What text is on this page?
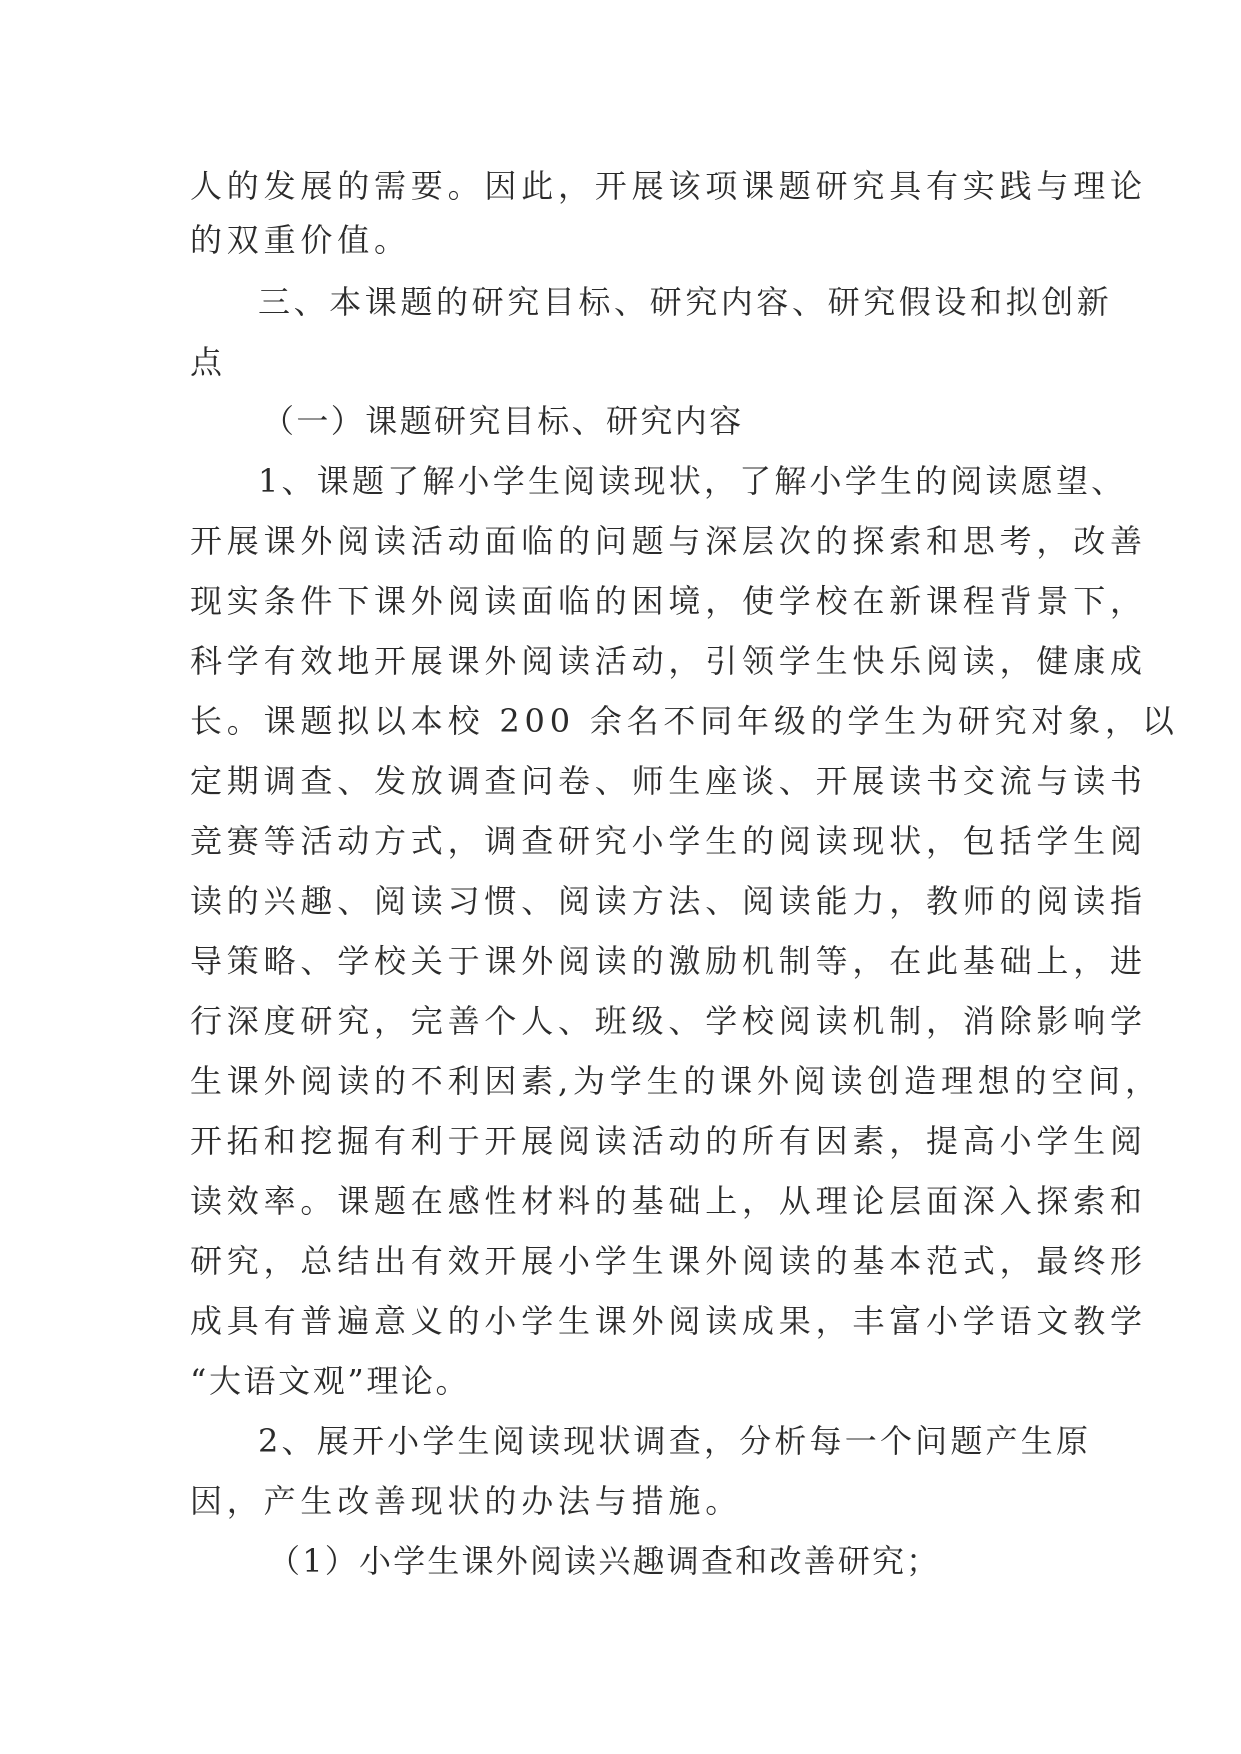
人的发展的需要。因此，开展该项课题研究具有实践与理论
的双重价值。
三、本课题的研究目标、研究内容、研究假设和拟创新
点
（一）课题研究目标、研究内容
1、课题了解小学生阅读现状，了解小学生的阅读愿望、
开展课外阅读活动面临的问题与深层次的探索和思考，改善
现实条件下课外阅读面临的困境，使学校在新课程背景下，
科学有效地开展课外阅读活动，引领学生快乐阅读，健康成
长。课题拟以本校 200 余名不同年级的学生为研究对象，以
定期调查、发放调查问卷、师生座谈、开展读书交流与读书
竞赛等活动方式，调查研究小学生的阅读现状，包括学生阅
读的兴趣、阅读习惯、阅读方法、阅读能力，教师的阅读指
导策略、学校关于课外阅读的激励机制等，在此基础上，进
行深度研究，完善个人、班级、学校阅读机制，消除影响学
生课外阅读的不利因素,为学生的课外阅读创造理想的空间，
开拓和挖掘有利于开展阅读活动的所有因素，提高小学生阅
读效率。课题在感性材料的基础上，从理论层面深入探索和
研究，总结出有效开展小学生课外阅读的基本范式，最终形
成具有普遍意义的小学生课外阅读成果，丰富小学语文教学
“大语文观”理论。
2、展开小学生阅读现状调查，分析每一个问题产生原
因，产生改善现状的办法与措施。
（1）小学生课外阅读兴趣调查和改善研究；
